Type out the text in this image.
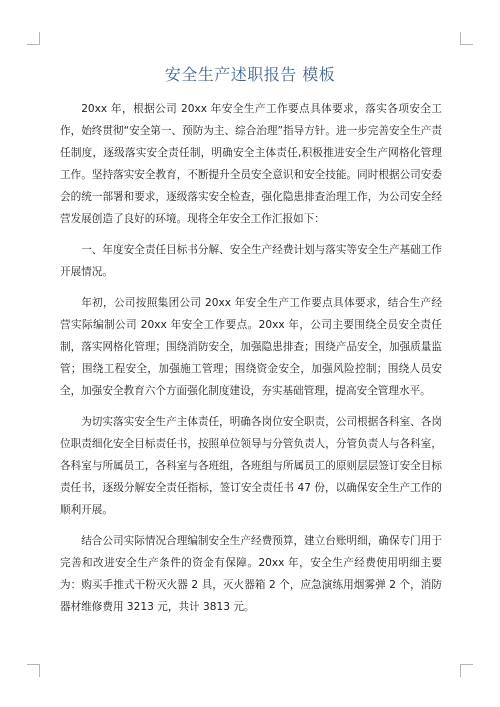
安全生产述职报告 模板

20xx 年，根据公司 20xx 年安全生产工作要点具体要求，落实各项安全工作，始终贯彻“安全第一、预防为主、综合治理”指导方针。进一步完善安全生产责任制度，逐级落实安全责任制，明确安全主体责任,积极推进安全生产网格化管理工作。坚持落实安全教育，不断提升全员安全意识和安全技能。同时根据公司安委会的统一部署和要求，逐级落实安全检查，强化隐患排查治理工作，为公司安全经营发展创造了良好的环境。现将全年安全工作汇报如下：

一、年度安全责任目标书分解、安全生产经费计划与落实等安全生产基础工作开展情况。

年初，公司按照集团公司 20xx 年安全生产工作要点具体要求，结合生产经营实际编制公司 20xx 年安全工作要点。20xx 年，公司主要围绕全员安全责任制，落实网格化管理；围绕消防安全，加强隐患排查；围绕产品安全，加强质量监管；围绕工程安全，加强施工管理；围绕资金安全，加强风险控制；围绕人员安全，加强安全教育六个方面强化制度建设，夯实基础管理，提高安全管理水平。

为切实落实安全生产主体责任，明确各岗位安全职责，公司根据各科室、各岗位职责细化安全目标责任书，按照单位领导与分管负责人，分管负责人与各科室，各科室与所属员工，各科室与各班组，各班组与所属员工的原则层层签订安全目标责任书，逐级分解安全责任指标，签订安全责任书 47 份，以确保安全生产工作的顺利开展。

结合公司实际情况合理编制安全生产经费预算，建立台账明细，确保专门用于完善和改进安全生产条件的资金有保障。20xx 年，安全生产经费使用明细主要为：购买手推式干粉灭火器 2 具，灭火器箱 2 个，应急演练用烟雾弹 2 个，消防器材维修费用 3213 元，共计 3813 元。
